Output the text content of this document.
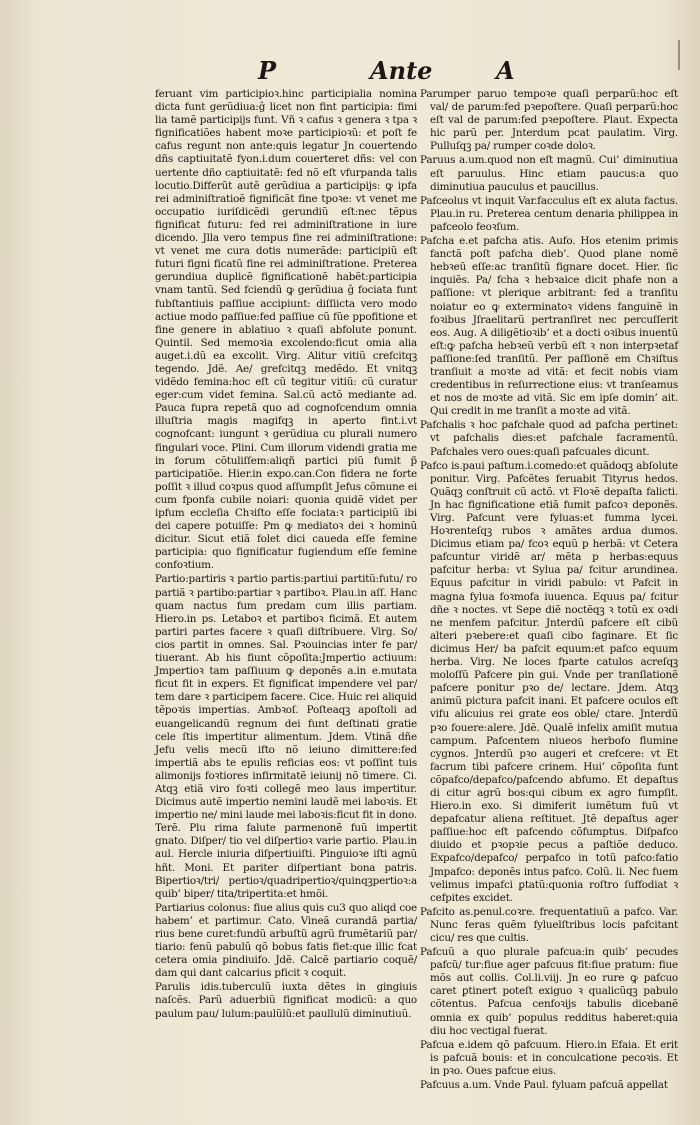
P	Ante	A

feruant vim participioꝛ.hinc participialia nomina dicta funt gerũdiua:ĝ licet non fint participia: fimi lia tamẽ participijs funt. Vñ ꝛ cafus ꝛ genera ꝛ tpa ꝛ fignificatiões habent moꝛe participioꝛũ: et poſt fe cafus regunt non ante:quis legatur Jn couertendo dñs captiuitatẽ fyon.i.dum couerteret dñs: vel con uertente dño captiuitatẽ: fed nõ eſt vfurpanda talis locutio.Differũt autẽ gerũdiua a participijs: ꝙ ipfa rei adminiſtratioẽ fignificãt fine tpoꝛe: vt venet me occupatio iuriſdicẽdi gerundiũ eſt:nec tẽpus fignificat futuru: fed rei adminiſtratione in iure dicendo. Jlla vero tempus fine rei adminiſtratione: vt venet me cura dotis numerãde: participiũ eſt futuri figni ficatũ fine rei adminiſtratione. Preterea gerundiua duplicẽ fignificationẽ habẽt:participia vnam tantũ. Sed fciendũ ꝙ gerũdiua ĝ fociata funt fubſtantiuis paſſiue accipiunt: diſſiicta vero modo actiue modo paſſiue:fed paſſiue cũ fũe ppofitione et fine genere in ablatiuo ꝛ quaſi abfolute ponunt. Quintil. Sed memoꝛia excolendo:ficut omia alia auget.i.dũ ea excolit. Virg. Alitur vitiũ crefcitqꝫ tegendo. Jdẽ. Ae/ grefcitqꝫ medẽdo. Et vnitqꝫ vidẽdo femina:hoc eſt cũ tegitur vitiũ: cũ curatur eger:cum videt femina. Sal.cũ actõ mediante ad. Pauca fupra repetã quo ad cognofcendum omnia illuſtria magis magifqꝫ in aperto fint.i.vt cognofcant: iungunt ꝛ gerũdiua cu plurali numero fingulari voce. Plini. Cum illorum videndi gratia me in forum cõtuliſſem:aliqñ partici piũ fumit p̃ participatiõe. Hier.in expo.can.Con fidera ne forte poſſit ꝛ illud coꝛpus quod aſſumpſit Jefus cõmune ei cum fponfa cubile noiari: quonia quidẽ videt per ipfum eccleſia Chꝛiſto eſſe fociata:ꝛ participiũ ibi dei capere potuiſſe: Pm ꝙ mediatoꝛ dei ꝛ hominũ dicitur. Sicut etiã folet dici caueda eſſe femine participia: quo fignificatur fugiendum eſſe femine confoꝛtium.

Partio:partiris ꝛ partio partis:partiui partitũ:futu/ ro partiã ꝛ partibo:partiar ꝛ partiboꝛ. Plau.in aſſ. Hanc quam nactus fum predam cum illis partiam. Hiero.in ps. Letaboꝛ et partiboꝛ ficimã. Et autem partiri partes facere ꝛ quaſi diſtribuere. Virg. So/ cios partit in omnes. Sal. Pꝛouincias inter fe par/ tiuerant. Ab his fiunt cõpoſita:Jmpertio actiuum: Jmpertioꝛ tam paſſiuum ꝙ deponẽs a.in e.mutata ficut fit in expers. Et fignificat impendere vel par/ tem dare ꝛ participem facere. Cice. Huic rei aliquid tẽpoꝛis impertias. Ambꝛoſ. Poſteaqꝫ apoſtoli ad euangelicandũ regnum dei funt deſtinati gratie cele ſtis impertitur alimentum. Jdem. Vtinã dñe Jefu velis mecũ ifto nõ ieiuno dimittere:fed impertiã abs te epulis reficias eos: vt poſſint tuis alimonijs foꝛtiores infirmitatẽ ieiunij nõ timere. Ci. Atqꝫ etiã viro foꝛti collegẽ meo laus impertitur. Dicimus autẽ impertio nemini laudẽ mei laboꝛis. Et impertio ne/ mini laude mei laboꝛis:ficut fit in dono. Terẽ. Plu rima falute parmenonẽ fuũ impertit gnato. Diſper/ tio vel diſpertioꝛ varie partio. Plau.in aul. Hercle iniuria diſpertiuiſti. Pinguioꝛe iſti agnũ hñt. Moni. Et pariter diſpertiant bona patris. Bipertioꝛ/tri/ pertioꝛ/quadripertioꝛ/quinqꝫpertioꝛ:a quib’ biper/ tita/tripertita:et hmõi.

Partiarius colonus: fiue alius quis cu3 quo aliqd coe habem’ et partimur. Cato. Vineã curandã partia/ rius bene curet:fundũ arbuſtũ agrũ frumẽtariũ par/ tiario: fenũ pabulũ qõ bobus fatis fiet:que illic fcat cetera omia pindiuifo. Jdẽ. Calcẽ partiario coquẽ/ dam qui dant calcarius pficit ꝛ coquit.

Parulis idis.tuberculũ iuxta dẽtes in gingiuis naſcẽs. Parũ aduerbiũ fignificat modicũ: a quo paulum pau/ lulum:paulũlũ:et paullulũ diminutiuũ.

Parumper paruo tempoꝛe quaſi perparũ:hoc eſt val/ de parum:fed pꝛepoſtere. Quaſi perparũ:hoc eſt val de parum:fed pꝛepoſtere. Plaut. Expecta hic parũ per. Jnterdum pcat paulatim. Virg. Pulluſqꝫ pa/ rumper coꝛde doloꝛ.

Paruus a.um.quod non eſt magnũ. Cui’ diminutiua eſt paruulus. Hinc etiam paucus:a quo diminutiua pauculus et paucillus.

Pafceolus vt inquit Var.facculus eſt ex aluta factus. Plau.in ru. Preterea centum denaria philippea in pafceolo feoꝛſum.

Pafcha e.et pafcha atis. Aufo. Hos etenim primis fanctã poſt pafcha dieb’. Quod plane nomẽ hebꝛeũ eſſe:ac tranſitũ fignare docet. Hier. ſic inquiẽs. Pa/ fcha ꝛ hebꝛaice dicit phafe non a paſſione: vt plerique arbitrant: fed a tranſitu noiatur eo ꝙ exterminatoꝛ videns fanguinẽ in foꝛibus Jſraelitarũ pertranſiret nec percuſſerit eos. Aug. A diligẽtioꝛib’ et a docti oꝛibus inuentũ eſt:ꝙ pafcha hebꝛeũ verbũ eſt ꝛ non interpꝛetaf paſſione:ſed tranſitũ. Per paſſionẽ em Chꝛiſtus tranſiuit a moꝛte ad vitã: et fecit nobis viam credentibus in reſurrectione eius: vt tranſeamus et nos de moꝛte ad vitã. Sic em ipſe domin’ ait. Qui credit in me tranſit a moꝛte ad vitã.

Pafchalis ꝛ hoc pafchale quod ad pafcha pertinet: vt pafchalis dies:et pafchale facramentũ. Pafchales vero oues:quaſi pafcuales dicunt.

Pafco is.paui paſtum.i.comedo:et quãdoqꝫ abſolute ponitur. Virg. Pafcẽtes feruabit Tityrus hedos. Quãqꝫ conſtruit cũ actõ. vt Floꝛẽ depaſta falicti. Jn hac fignificatione etiã fumit pafcoꝛ deponẽs. Virg. Pafcunt vere fyluas:et fumma lycei. Hoꝛrenteſqꝫ rubos ꝛ amãtes ardua dumos. Dicimus etiam pa/ fcoꝛ equũ p herbã: vt Cetera pafcuntur viridẽ ar/ mẽta p herbas:equus pafcitur herba: vt Sylua pa/ fcitur arundinea. Equus pafcitur in viridi pabulo: vt Pafcit in magna fylua foꝛmofa iuuenca. Equus pa/ fcitur dñe ꝛ noctes. vt Sepe diẽ noctẽqꝫ ꝛ totũ ex oꝛdi ne menfem pafcitur. Jnterdũ pafcere eſt cibũ alteri pꝛebere:et quaſi cibo faginare. Et ſic dicimus Her/ ba pafcit equum:et pafco equum herba. Virg. Ne loces fparte catulos acreſqꝫ moloſſũ Pafcere pin gui. Vnde per tranſlationẽ pafcere ponitur pꝛo de/ lectare. Jdem. Atqꝫ animũ pictura pafcit inani. Et pafcere oculos eſt vifu alicuius rei grate eos oble/ ctare. Jnterdũ pꝛo fouere:alere. Jdẽ. Qualẽ infelix amiſit mutua campum. Pafcentem niueos herbofo flumine cygnos. Jnterdũ pꝛo augeri et crefcere: vt Et facrum tibi pafcere crinem. Hui’ cõpoſita funt cõpafco/depafco/pafcendo abfumo. Et depaſtus di citur agrũ bos:qui cibum ex agro fumpſit. Hiero.in exo. Si dimiferit iumẽtum fuũ vt depafcatur aliena reſtituet. Jtẽ depaſtus ager paſſiue:hoc eſt pafcendo cõfumptus. Diſpafco diuido et pꝛopꝛie pecus a paſtiõe deduco. Expafco/depafco/ perpafco in totũ pafco:fatio Jmpafco: deponẽs intus pafco. Colũ. li. Nec fuem velimus impafci ꝑtatũ:quonia roſtro ſuffodiat ꝛ cefpites excidet.

Pafcito as.penul.coꝛre. frequentatiuũ a pafco. Var. Nunc feras quẽm fyluelſtribus locis pafcitant cicu/ res que cultis.

Pafcuũ a quo plurale pafcua:in quib’ pecudes pafcũ/ tur:fiue ager pafcuus fit:fiue pratum: fiue mõs aut collis. Col.li.viij. Jn eo rure ꝙ pafcuo caret ꝑtinert poteſt exiguo ꝛ qualicũqꝫ pabulo cõtentus. Pafcua cenfoꝛijs tabulis dicebanẽ omnia ex quib’ populus redditus haberet:quia diu hoc vectigal fuerat.

Pafcua e.idem qõ pafcuum. Hiero.in Efaia. Et erit is pafcuã bouis: et in conculcatione pecoꝛis. Et in pꝛo. Oues pafcue eius.

Pafcuus a.um. Vnde Paul. fyluam pafcuã appellat
